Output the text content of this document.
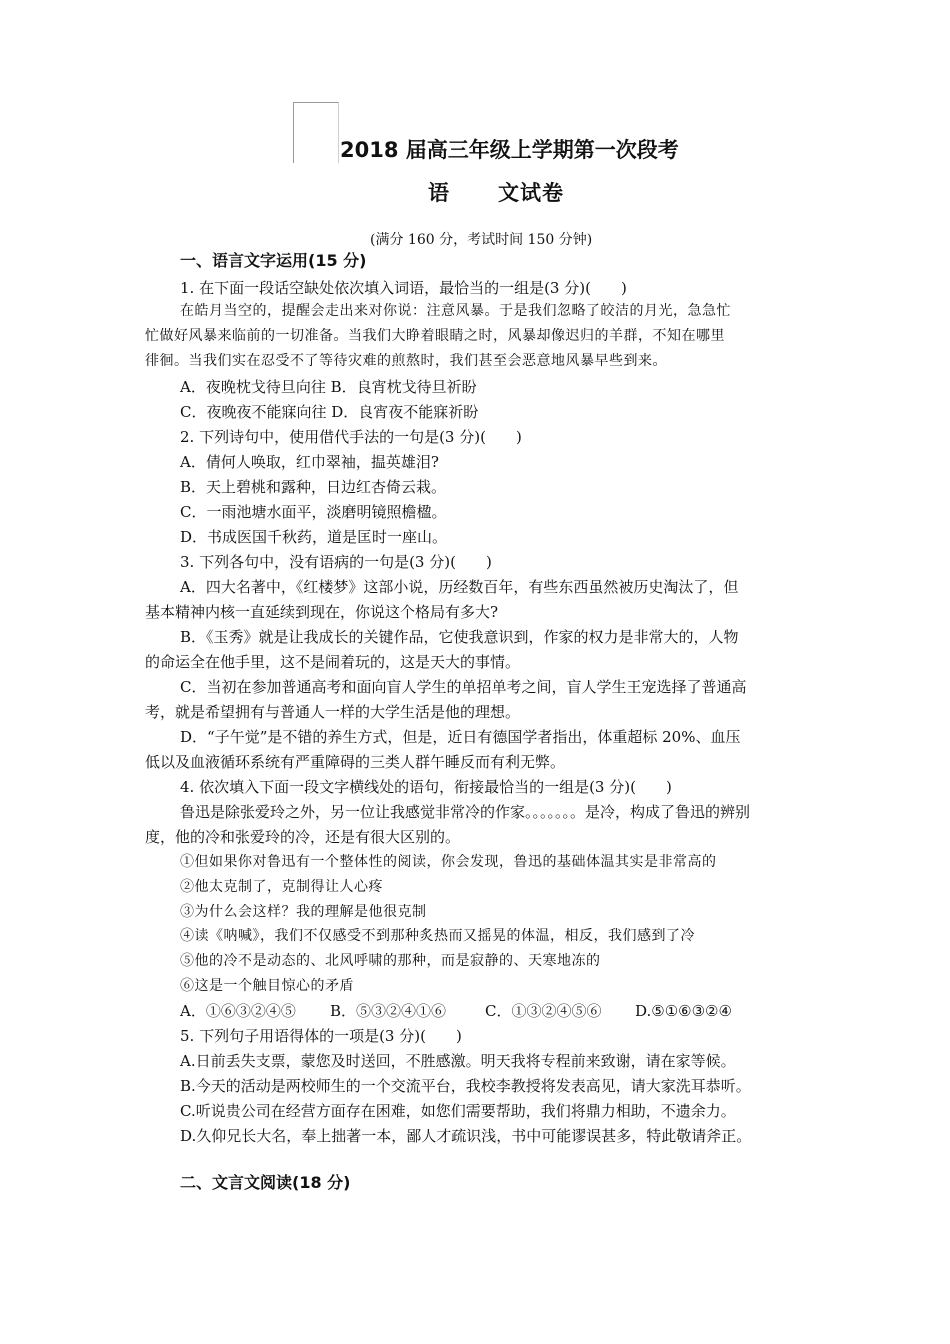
2018 届高三年级上学期第一次段考
语 文试卷
(满分 160 分，考试时间 150 分钟)
一、语言文字运用(15 分)
1. 在下面一段话空缺处依次填入词语，最恰当的一组是(3 分)(　　)
在皓月当空的，提醒会走出来对你说：注意风暴。于是我们忽略了皎洁的月光，急急忙
忙做好风暴来临前的一切准备。当我们大睁着眼睛之时，风暴却像迟归的羊群，不知在哪里
徘徊。当我们实在忍受不了等待灾难的煎熬时，我们甚至会恶意地风暴早些到来。
A．夜晚枕戈待旦向往 B．良宵枕戈待旦祈盼
C．夜晚夜不能寐向往 D．良宵夜不能寐祈盼
2. 下列诗句中，使用借代手法的一句是(3 分)(　　)
A．倩何人唤取，红巾翠袖，揾英雄泪?
B．天上碧桃和露种，日边红杏倚云栽。
C．一雨池塘水面平，淡磨明镜照檐楹。
D．书成医国千秋药，道是匡时一座山。
3. 下列各句中，没有语病的一句是(3 分)(　　)
A．四大名著中，《红楼梦》这部小说，历经数百年，有些东西虽然被历史淘汰了，但
基本精神内核一直延续到现在，你说这个格局有多大?
B．《玉秀》就是让我成长的关键作品，它使我意识到，作家的权力是非常大的，人物
的命运全在他手里，这不是闹着玩的，这是天大的事情。
C．当初在参加普通高考和面向盲人学生的单招单考之间，盲人学生王宠选择了普通高
考，就是希望拥有与普通人一样的大学生活是他的理想。
D．“子午觉”是不错的养生方式，但是，近日有德国学者指出，体重超标 20%、血压
低以及血液循环系统有严重障碍的三类人群午睡反而有利无弊。
4. 依次填入下面一段文字横线处的语句，衔接最恰当的一组是(3 分)(　　)
鲁迅是除张爱玲之外，另一位让我感觉非常冷的作家。。。。。。。是冷，构成了鲁迅的辨别
度，他的冷和张爱玲的冷，还是有很大区别的。
①但如果你对鲁迅有一个整体性的阅读，你会发现，鲁迅的基础体温其实是非常高的
②他太克制了，克制得让人心疼
③为什么会这样？我的理解是他很克制
④读《呐喊》，我们不仅感受不到那种炙热而又摇晃的体温，相反，我们感到了冷
⑤他的冷不是动态的、北风呼啸的那种，而是寂静的、天寒地冻的
⑥这是一个触目惊心的矛盾
A．①⑥③②④⑤ B．⑤③②④①⑥	C．①③②④⑤⑥ D.⑤①⑥③②④
5. 下列句子用语得体的一项是(3 分)(　　)
A.日前丢失支票，蒙您及时送回，不胜感激。明天我将专程前来致谢，请在家等候。
B.今天的活动是两校师生的一个交流平台，我校李教授将发表高见，请大家洗耳恭听。
C.听说贵公司在经营方面存在困难，如您们需要帮助，我们将鼎力相助，不遗余力。
D.久仰兄长大名，奉上拙著一本，鄙人才疏识浅，书中可能谬误甚多，特此敬请斧正。
二、文言文阅读(18 分)
